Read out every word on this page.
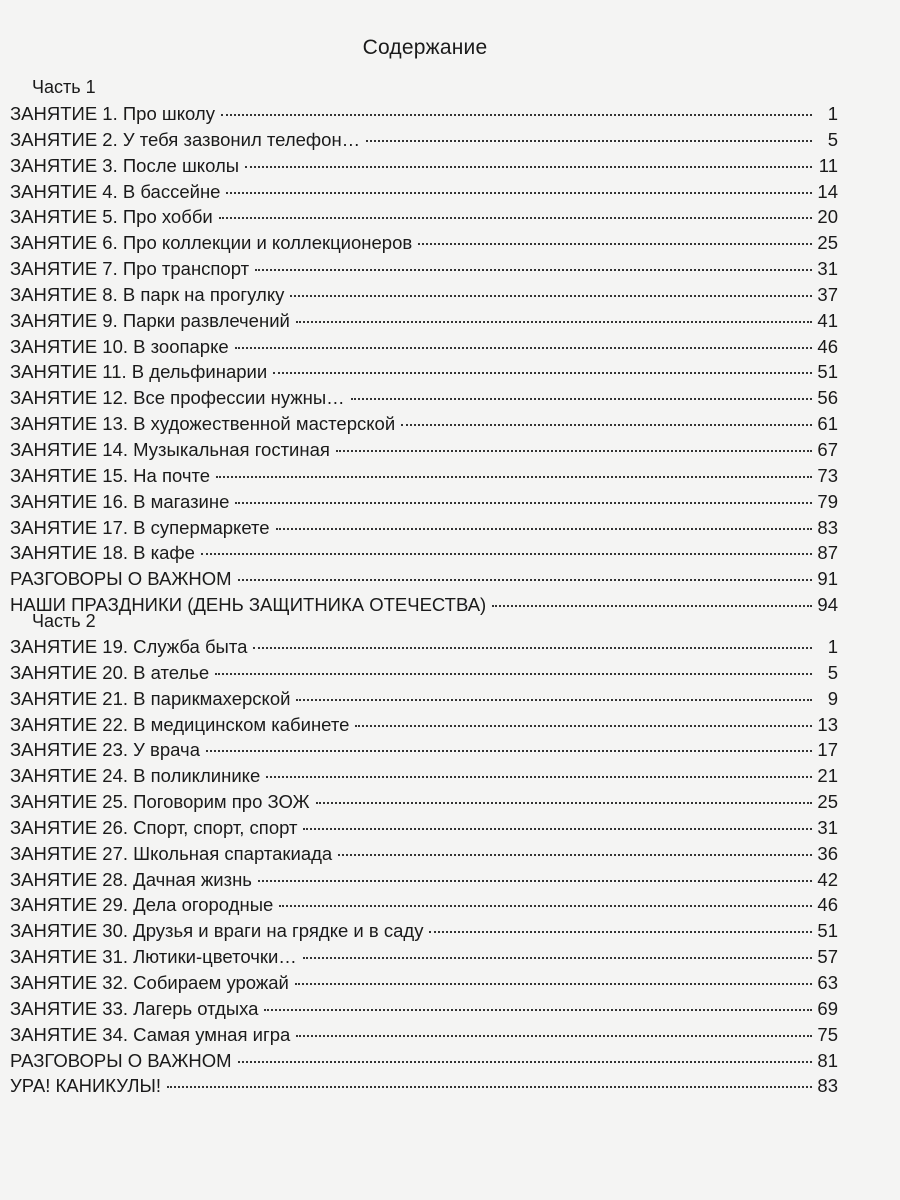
Содержание
Часть 1
ЗАНЯТИЕ 1. Про школу	1
ЗАНЯТИЕ 2. У тебя зазвонил телефон…	5
ЗАНЯТИЕ 3. После школы	11
ЗАНЯТИЕ 4. В бассейне	14
ЗАНЯТИЕ 5. Про хобби	20
ЗАНЯТИЕ 6. Про коллекции и коллекционеров	25
ЗАНЯТИЕ 7. Про транспорт	31
ЗАНЯТИЕ 8. В парк на прогулку	37
ЗАНЯТИЕ 9. Парки развлечений	41
ЗАНЯТИЕ 10. В зоопарке	46
ЗАНЯТИЕ 11. В дельфинарии	51
ЗАНЯТИЕ 12. Все профессии нужны…	56
ЗАНЯТИЕ 13. В художественной мастерской	61
ЗАНЯТИЕ 14. Музыкальная гостиная	67
ЗАНЯТИЕ 15. На почте	73
ЗАНЯТИЕ 16. В магазине	79
ЗАНЯТИЕ 17. В супермаркете	83
ЗАНЯТИЕ 18. В кафе	87
РАЗГОВОРЫ О ВАЖНОМ	91
НАШИ ПРАЗДНИКИ (ДЕНЬ ЗАЩИТНИКА ОТЕЧЕСТВА)	94
Часть 2
ЗАНЯТИЕ 19. Служба быта	1
ЗАНЯТИЕ 20. В ателье	5
ЗАНЯТИЕ 21. В парикмахерской	9
ЗАНЯТИЕ 22. В медицинском кабинете	13
ЗАНЯТИЕ 23. У врача	17
ЗАНЯТИЕ 24. В поликлинике	21
ЗАНЯТИЕ 25. Поговорим про ЗОЖ	25
ЗАНЯТИЕ 26. Спорт, спорт, спорт	31
ЗАНЯТИЕ 27. Школьная спартакиада	36
ЗАНЯТИЕ 28. Дачная жизнь	42
ЗАНЯТИЕ 29. Дела огородные	46
ЗАНЯТИЕ 30. Друзья и враги на грядке и в саду	51
ЗАНЯТИЕ 31. Лютики-цветочки…	57
ЗАНЯТИЕ 32. Собираем урожай	63
ЗАНЯТИЕ 33. Лагерь отдыха	69
ЗАНЯТИЕ 34. Самая умная игра	75
РАЗГОВОРЫ О ВАЖНОМ	81
УРА! КАНИКУЛЫ!	83
